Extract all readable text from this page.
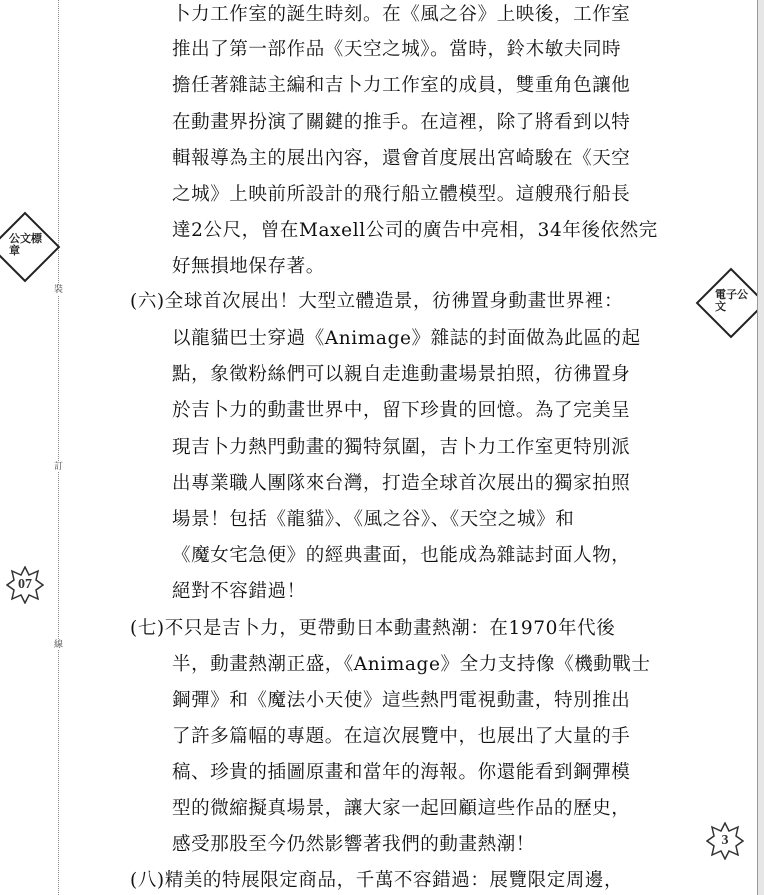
裝
訂
線
公文標章
電子公文
07
3
卜力工作室的誕生時刻。在《風之谷》上映後，工作室
推出了第一部作品《天空之城》。當時，鈴木敏夫同時
擔任著雜誌主編和吉卜力工作室的成員，雙重角色讓他
在動畫界扮演了關鍵的推手。在這裡，除了將看到以特
輯報導為主的展出內容，還會首度展出宮崎駿在《天空
之城》上映前所設計的飛行船立體模型。這艘飛行船長
達2公尺，曾在Maxell公司的廣告中亮相，34年後依然完
好無損地保存著。
(六)全球首次展出！大型立體造景，彷彿置身動畫世界裡：
以龍貓巴士穿過《Animage》雜誌的封面做為此區的起
點，象徵粉絲們可以親自走進動畫場景拍照，彷彿置身
於吉卜力的動畫世界中，留下珍貴的回憶。為了完美呈
現吉卜力熱門動畫的獨特氛圍，吉卜力工作室更特別派
出專業職人團隊來台灣，打造全球首次展出的獨家拍照
場景！包括《龍貓》、《風之谷》、《天空之城》和
《魔女宅急便》的經典畫面，也能成為雜誌封面人物，
絕對不容錯過！
(七)不只是吉卜力，更帶動日本動畫熱潮：在1970年代後
半，動畫熱潮正盛，《Animage》全力支持像《機動戰士
鋼彈》和《魔法小天使》這些熱門電視動畫，特別推出
了許多篇幅的專題。在這次展覽中，也展出了大量的手
稿、珍貴的插圖原畫和當年的海報。你還能看到鋼彈模
型的微縮擬真場景，讓大家一起回顧這些作品的歷史，
感受那股至今仍然影響著我們的動畫熱潮！
(八)精美的特展限定商品，千萬不容錯過：展覽限定周邊，
